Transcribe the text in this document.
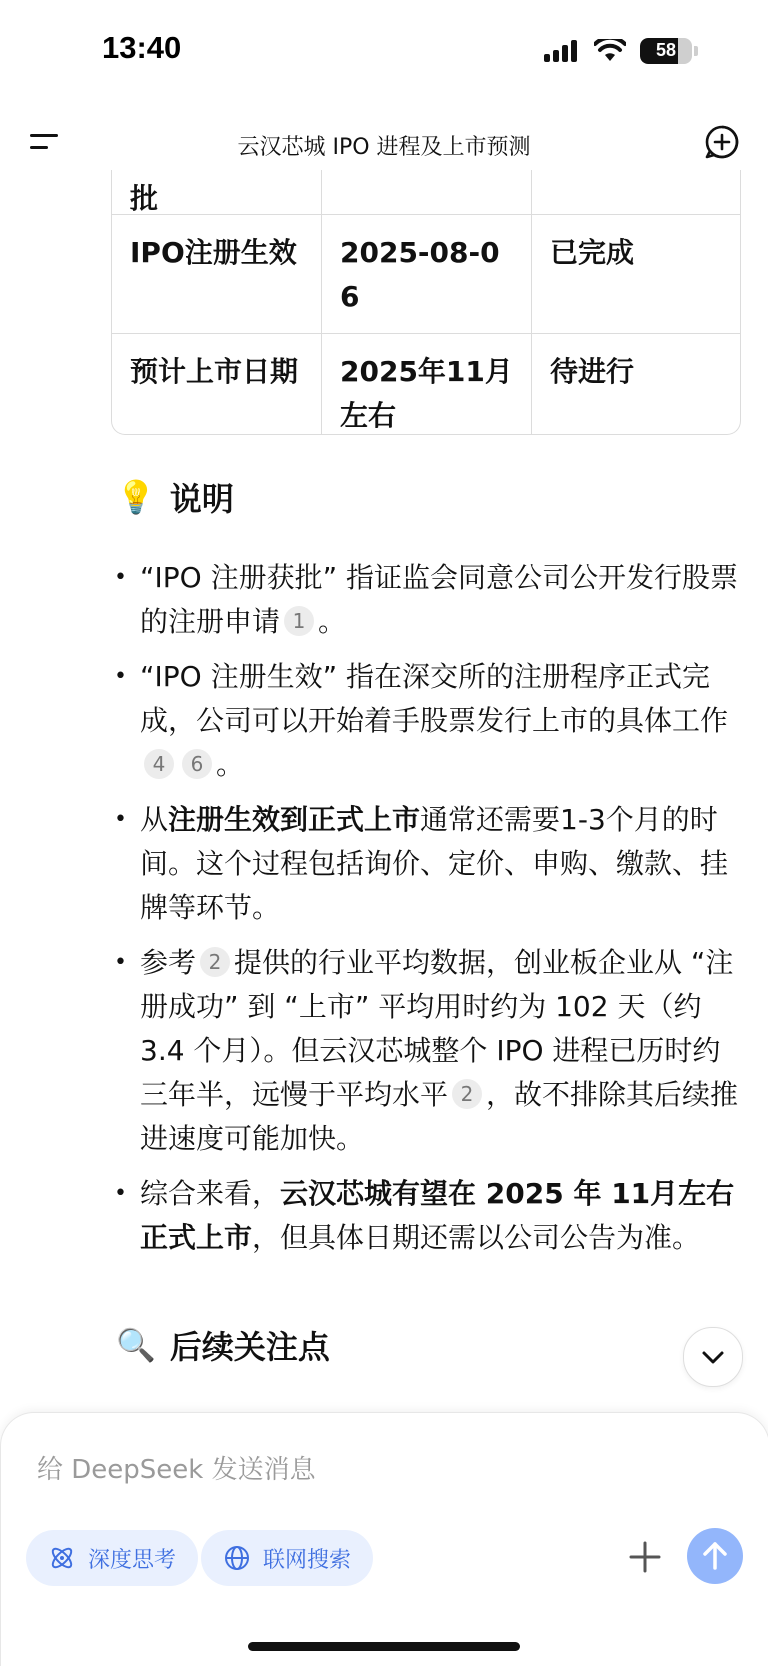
13:40	58
云汉芯城 IPO 进程及上市预测
批		
IPO注册生效	2025-08-06	已完成
预计上市日期	2025年11月左右	待进行
💡 说明
• “IPO 注册获批” 指证监会同意公司公开发行股票的注册申请 1 。
• “IPO 注册生效” 指在深交所的注册程序正式完成，公司可以开始着手股票发行上市的具体工作4 6 。
• 从注册生效到正式上市通常还需要1-3个月的时间。这个过程包括询价、定价、申购、缴款、挂牌等环节。
• 参考 2 提供的行业平均数据，创业板企业从 “注册成功” 到 “上市” 平均用时约为 102 天（约 3.4 个月）。但云汉芯城整个 IPO 进程已历时约三年半，远慢于平均水平 2 ，故不排除其后续推进速度可能加快。
• 综合来看，云汉芯城有望在 2025 年 11月左右正式上市，但具体日期还需以公司公告为准。
🔍 后续关注点
给 DeepSeek 发送消息
深度思考	联网搜索
